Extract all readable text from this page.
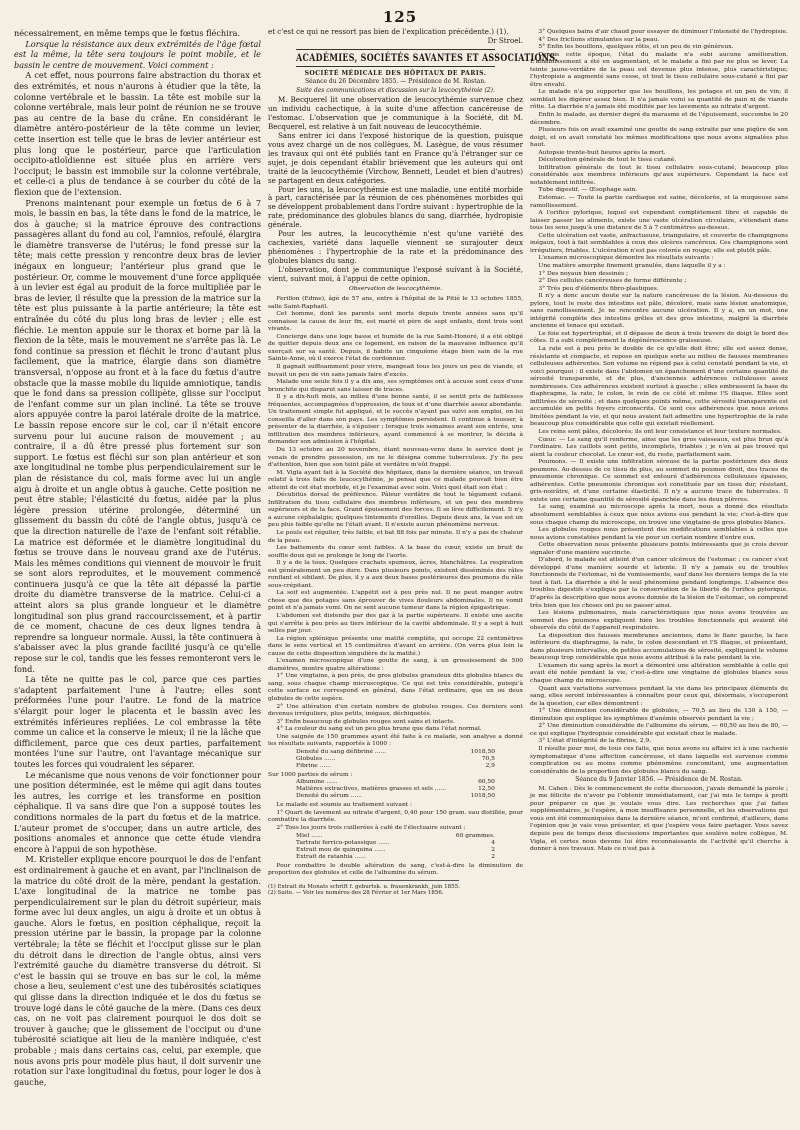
125

nécessairement, en même temps que le fœtus fléchira.

Lorsque la résistance aux deux extrémités de l'âge fœtal est la même, la tête sera toujours le point mobile, et le bassin le centre de mouvement. Voici comment :

A cet effet, nous pourrons faire abstraction du thorax et des extrémités, et nous n'aurons à étudier que la tête, la colonne vertébrale et le bassin. La tête est mobile sur la colonne vertébrale, mais leur point de réunion ne se trouve pas au centre de la base du crâne. En considérant le diamètre antéro-postérieur de la tête comme un levier, cette insertion est telle que le bras de levier antérieur est plus long que le postérieur, parce que l'articulation occipito-atloïdienne est située plus en arrière vers l'occiput; le bassin est immobile sur la colonne vertébrale, et celle-ci a plus de tendance à se courber du côté de la flexion que de l'extension.

Prenons maintenant pour exemple un fœtus de 6 à 7 mois, le bassin en bas, la tête dans le fond de la matrice, le dos à gauche; si la matrice éprouve des contractions passagères allant du fond au col, l'amnios, refoulé, élargira le diamètre transverse de l'utérus; le fond presse sur la tête; mais cette pression y rencontre deux bras de levier inégaux en longueur; l'antérieur plus grand que le postérieur. Or, comme le mouvement d'une force appliquée à un levier est égal au produit de la force multipliée par le bras de levier, il résulte que la pression de la matrice sur la tête est plus puissante à la partie antérieure; la tête est entraînée du côté du plus long bras de levier ; elle est fléchie. Le menton appuie sur le thorax et borne par là la flexion de la tête, mais le mouvement ne s'arrête pas là. Le fond continue sa pression et fléchit le tronc d'autant plus facilement, que la matrice, élargie dans son diamètre transversal, n'oppose au front et à la face du fœtus d'autre obstacle que la masse mobile du liquide amniotique, tandis que le fond dans sa pression collipète, glisse sur l'occiput de l'enfant comme sur un plan incliné. La tête se trouve alors appuyée contre la paroi latérale droite de la matrice. Le bassin repose encore sur le col, car il n'était encore survenu pour lui aucune raison de mouvement ; au contraire, il a dû être pressé plus fortement sur son support. Le fœtus est fléchi sur son plan antérieur et son axe longitudinal ne tombe plus perpendiculairement sur le plan de résistance du col, mais forme avec lui un angle aigu à droite et un angle obtus à gauche. Cette position ne peut être stable; l'élasticité du fœtus, aidée par la plus légère pression utérine prolongée, déterminé un glissement du bassin du côté de l'angle obtus, jusqu'à ce que la direction naturelle de l'axe de l'enfant soit rétablie. La matrice est déformée et le diamètre longitudinal du fœtus se trouve dans le nouveau grand axe de l'utérus. Mais les mêmes conditions qui viennent de mouvoir le fruit se sont alors reproduites, et le mouvement commencé continuera jusqu'à ce que la tête ait dépassé la partie droite du diamètre transverse de la matrice. Celui-ci a atteint alors sa plus grande longueur et le diamètre longitudinal son plus grand raccourcissement, et à partir de ce moment, chacune de ces deux lignes tendra à reprendre sa longueur normale. Aussi, la tête continuera à s'abaisser avec la plus grande facilité jusqu'à ce qu'elle repose sur le col, tandis que les fesses remonteront vers le fond.

La tête ne quitte pas le col, parce que ces parties s'adaptent parfaitement l'une à l'autre; elles sont préformées l'une pour l'autre. Le fond de la matrice s'élargit pour loger le placenta et le bassin avec les extrémités inférieures repliées. Le col embrasse la tête comme un calice et la conserve le mieux; il ne la lâche que difficilement, parce que ces deux parties, parfaitement montées l'une sur l'autre, ont l'avantage mécanique sur toutes les forces qui voudraient les séparer.

Le mécanisme que nous venons de voir fonctionner pour une position déterminée, est le même qui agit dans toutes les autres, les corrige et les transforme en position céphalique. Il va sans dire que l'on a supposé toutes les conditions normales de la part du fœtus et de la matrice. L'auteur promet de s'occuper, dans un autre article, des positions anomales et annonce que cette étude viendra encore à l'appui de son hypothèse.

M. Kristeller explique encore pourquoi le dos de l'enfant est ordinairement à gauche et en avant, par l'inclinaison de la matrice du côté droit de la mère, pendant la gestation. L'axe longitudinal de la matrice ne tombe pas perpendiculairement sur le plan du détroit supérieur, mais forme avec lui deux angles, un aigu à droite et un obtus à gauche. Alors le fœtus, en position céphalique, reçoit la pression utérine par le bassin, la propage par la colonne vertébrale; la tête se fléchit et l'occiput glisse sur le plan du détroit dans le direction de l'angle obtus, ainsi vers l'extrémité gauche du diamètre transverse du détroit. Si c'est le bassin qui se trouve en bas sur le col, la même chose a lieu, seulement c'est une des tubérosités sciatiques qui glisse dans la direction indiquée et le dos du fœtus se trouve logé dans le côté gauche de la mère. (Dans ces deux cas, on ne voit pas clairement pourquoi le dos doit se trouver à gauche; que le glissement de l'occiput ou d'une tubérosité sciatique ait lieu de la manière indiquée, c'est probable ; mais dans certains cas, celui, par exemple, que nous avons pris pour modèle plus haut, il doit survenir une rotation sur l'axe longitudinal du fœtus, pour loger le dos à gauche,

et c'est ce qui ne ressort pas bien de l'explication précédente.) (1).

Dr Stroel.

ACADÉMIES, SOCIÉTÉS SAVANTES ET ASSOCIATIONS.
SOCIÉTÉ MÉDICALE DES HÔPITAUX DE PARIS.
Séance du 26 Décembre 1855. — Présidence de M. Rostan.
Suite des communications et discussion sur la leucocythémie (2).

M. Becquerel lit une observation de leucocythémie survenue chez un individu cachectique, à la suite d'une affection cancéreuse de l'estomac. L'observation que je communique à la Société, dit M. Becquerel, est relative à un fait nouveau de leucocythémie.

Sans entrer ici dans l'exposé historique de la question, puisque vous avez chargé un de nos collègues, M. Lasègue, de vous résumer les travaux qui ont été publiés tant en France qu'à l'étranger sur ce sujet, je dois cependant établir brièvement que les auteurs qui ont traité de la leucocythémie (Virchow, Bennett, Leudet et bien d'autres) se partagent en deux catégories.

Pour les uns, la leucocythémie est une maladie, une entité morbide à part, caractérisée par la réunion de ces phénomènes morbides qui se développent probablement dans l'ordre suivant : hypertrophie de la rate, prédominance des globules blancs du sang, diarrhée, hydropisie générale.

Pour les autres, la leucocythémie n'est qu'une variété des cachexies, variété dans laquelle viennent se surajouter deux phénomènes : l'hypertrophie de la rate et la prédominance des globules blancs du sang.

L'observation, dont je communique l'exposé suivant à la Société, vient, suivant moi, à l'appui de cette opinion.

Observation de leucocythémie.

Ferillon (Edme), âgé de 57 ans, entre à l'hôpital de la Pitié le 13 octobre 1855, salle Saint-Raphaël.

Cet homme, dont les parents sont morts depuis trente années sans qu'il connaisse la cause de leur fin, est marié et père de sept enfants, dont trois sont vivants.

Concierge dans une loge basse et humide de la rue Saint-Honoré, il a été obligé de quitter depuis deux ans ce logement, en raison de la mauvaise influence qu'il exerçait sur sa santé. Depuis, il habite un cinquième étage bien sain de la rue Sainte-Anne, où il exerce l'état de cordonnier.

Il gagnait suffisamment pour vivre, mangeait tous les jours un peu de viande, et buvait un peu de vin sans jamais faire d'excès.

Malade une seule fois il y a dix ans, ses symptômes ont à accuse sont ceux d'une bronchite qui disparut sans laisser de traces.

Il y a dix-huit mois, au milieu d'une bonne santé, il se sentit pris de faiblesses fréquentes, accompagnées d'oppression, de toux et d'une diarrhée assez abondante. Un traitement simple fut appliqué, et le succès n'ayant pas suivi son emploi, on lui conseilla d'aller dans son pays. Les symptômes persistent. Il continue à tousser, à présenter de la diarrhée, à s'épuiser ; lorsque trois semaines avant son entrée, une infiltration des membres inférieurs, ayant commencé à se montrer, le décida à demander son admission à l'hôpital.

Du 13 octobre au 20 novembre, étant nouveau-venu dans le service dont je venais de prendre possession, on ne le désigna comme tuberculeux. J'y fis peu d'attention, bien que son teint pâle et verdâtre m'eût frappé.

M. Vigla ayant fait à la Société des hôpitaux, dans la dernière séance, un travail relatif à trois faits de leucocythémie, je pensai que ce malade pouvait bien être atteint de cet état morbide, et je l'examinai avec soin. Voici quel était son état :

Décubitus dorsal de préférence. Pâleur verdâtre de tout le tégument cutané. Infiltration du tissu cellulaire des membres inférieurs, et un peu des membres supérieurs et de la face. Grand épuisement des forces. Il se lève difficilement. Il n'y a aucune céphalalgie; quelques tintements d'oreilles. Depuis deux ans, la vue est un peu plus faible qu'elle ne l'était avant. Il n'existe aucun phénomène nerveux.

Le pouls est régulier, très faible, et bat 88 fois par minute. Il n'y a pas de chaleur de la peau.

Les battements du cœur sont faibles. A la base du cœur, existe un bruit de souffle doux qui se prolonge le long de l'aorte.

Il y a de la toux. Quelques crachats spumeux, âcres, blanchâtres. La respiration est généralement un peu dure. Dans plusieurs points, existent disséminés des râles ronflant et sibilant. De plus, il y a aux deux bases postérieures des poumons du râle sous-crépitant.

La soif est augmentée. L'appétit est à peu près nul. Il ne peut manger autre chose que des potages sans éprouver de vives douleurs abdominales. Il ne vomit point et n'a jamais vomi. On ne sent aucune tumeur dans la région épigastrique.

L'abdomen est distendu par des gaz à la partie supérieure. Il existe une ascite qui s'arrête à peu près au tiers inférieur de la cavité abdominale. Il y a sept à huit selles par jour.

La région splénique présente une matité complète, qui occupe 22 centimètres dans le sens vertical et 15 centimètres d'avant en arrière. (On verra plus loin la cause de cette disposition singulière de la matité.)

L'examen microscopique d'une goutte de sang, à un grossissement de 500 diamètres, montre quatre altérations :

1° Une vingtaine, à peu près, de gros globules granuleux dits globules blancs du sang, sous chaque champ microscopique. Ce qui est très considérable, puisqu'à cette surface ne correspond en général, dans l'état ordinaire, que un ou deux globules de cette espèce.

2° Une altération d'un certain nombre de globules rouges. Ces derniers sont devenus irréguliers, plus petits, inégaux, déchiquetés.

3° Enfin beaucoup de globules rouges sont sains et intacts.

4° La couleur du sang est un peu plus brune que dans l'état normal.

Une saignée de 150 grammes ayant été faite à ce malade, son analyse a donné les résultats suivants, rapportés à 1000 :

Densité du sang défibriné ......	1018,50
Globules ......	70,5
Fibrine ......	2,9

Sur 1000 parties de sérum :

Albumine ......	60,50
Matières extractives, matières grasses et sels ......	12,50
Densité du sérum ......	1018,50

Le malade est soumis au traitement suivant :

1° Quart de lavement au nitrate d'argent, 0,40 pour 150 gram. eau distillée, pour combattre la diarrhée.

2° Tous les jours trois cuillerées à café de l'électuaire suivant :

Miel ......	60 grammes.
Tartrate ferrico-potassique ......	4
Extrait mou de quinquina ......	2
Extrait de ratanhia ......	2

Pour combattre le double altération du sang, c'est-à-dire la diminution de proportion des globules et celle de l'albumine du sérum.

(1) Extrait du Monats schrift f. geburtsk. u. frauenkrankh, juin 1855.

(2) Suite. — Voir les numéros des 28 Février et 1er Mars 1856.

3° Quelques bains d'air chaud pour essayer de diminuer l'intensité de l'hydropisie.

4° Des frictions stimulantes sur la peau.

5° Enfin les bouillons, quelques rôtis, et un peu de vin généreux.

Depuis cette époque, l'état du malade n'a subi aucune amélioration. L'affaiblissement a été en augmentant, et le malade a fini par ne plus se lever. La teinte jaune-verdâtre de la peau est devenue plus intense, plus caractéristique; l'hydropisie a augmenté sans cesse, et tout le tissu cellulaire sous-cutané a fini par être envahi.

Le malade n'a pu supporter que les bouillons, les potages et un peu de vin; il semblait les digérer assez bien. Il n'a jamais vomi sa quantité de pain ni de viande rôtie. La diarrhée n'a jamais été modifiée par les lavements au nitrate d'argent.

Enfin le malade, au dernier degré du marasme et de l'épuisement, succombe le 20 décembre.

Plusieurs fois on avait examiné une goutte de sang extraite par une piqûre de son doigt, et on avait constaté les mêmes modifications que nous avons signalées plus haut.

Autopsie trente-huit heures après la mort.

Décoloration générale de tout le tissu cutané.

Infiltration générale de tout le tissu cellulaire sous-cutané, beaucoup plus considérable aux membres inférieurs qu'aux supérieurs. Cependant la face est notablement infiltrée.

Tube digestif. — Œsophage sain.

Estomac. — Toute la partie cardiaque est saine, décolorée, et la muqueuse sans ramollissement.

A l'orifice pylorique, lequel est cependant complètement libre et capable de laisser passer les aliments, existe une vaste ulcération circulaire, s'étendant dans tous les sens jusqu'à une distance de 5 à 7 centimètres au-dessus.

Cette ulcération est vaste, anfractueuse, triangulaire, et couverte de champignons inégaux, tout à fait semblables à ceux des ulcères cancéreux. Ces champignons sont irréguliers, friables. L'ulcération n'est pas colorée en rouge; elle est plutôt pâle.

L'examen microscopique démontre les résultats suivants :

Une matière amorphe finement granulée, dans laquelle il y a :

1° Des noyaux bien dessinés ;

2° Des cellules cancéreuses de forme différente ;

3° Très peu d'éléments fibro-plastiques.

Il n'y a donc aucun doute sur la nature cancéreuse de la lésion. Au-dessous du pylore, tout le reste des intestins est pâle, décoloré, mais sans lésion anatomique, sans ramollissement. Je ne rencontre aucune ulcération. Il y a, en un mot, une intégrité complète des intestins grêles et des gros intestins, malgré la diarrhée ancienne et tenace qui existait.

Le foie est hypertrophié, et il dépasse de deux à trois travers de doigt le bord des côtes. Il a subi complètement la dégénérescence graisseuse.

La rate est à peu près le double de ce qu'elle doit être; elle est assez dense, résistante et compacte, et repose en quelque sorte au milieu de fausses membranes celluleuses adhérentes. Son volume ne répond pas à celui constaté pendant la vie, et voici pourquoi : il existe dans l'abdomen un épanchement d'une certaine quantité de sérosité transparente, et de plus, d'anciennes adhérences celluleuses assez nombreuses. Ces adhérences existent surtout à gauche ; elles embrassent la base du diaphragme, la rate, le colon, le rein de ce côté et même l'S iliaque. Elles sont infiltrées de sérosité ; et dans quelques points même, cette sérosité transparente est accumulée en petits foyers circonscrits. Ce sont ces adhérences que nous avions limitées pendant la vie, et qui nous avaient fait admettre une hypertrophie de la rate beaucoup plus considérable que celle qui existait réellement.

Les reins sont pâles, décolorés; ils ont leur consistance et leur texture normales.

Cœur. — Le sang qu'il renferme, ainsi que les gros vaisseaux, est plus brun qu'à l'ordinaire. Les caillots sont petits, incomplets, friables ; je n'en ai pas trouvé qui aient la couleur chocolat. Le cœur est, du reste, parfaitement sain.

Poumons. — Il existe une infiltration séreuse de la partie postérieure des deux poumons. Au-dessus de ce tissu de plus, au sommet du poumon droit, des traces de pneumonie chronique. Ce sommet est entouré d'adhérences celluleuses épaisses, adhérentes. Cette pneumonie chronique est constituée par un tissu dur, résistant, gris-noirâtre, et d'une certaine élasticité. Il n'y a aucune trace de tubercules. Il existe une certaine quantité de sérosité épanchée dans les deux plèvres.

Le sang, examiné au microscope après la mort, nous a donné des résultats absolument semblables à ceux que nous avions eus pendant la vie; c'est-à-dire que sous chaque champ du microscope, on trouve une vingtaine de gros globules blancs.

Les globules rouges nous présentent des modifications semblables à celles que nous avions constatées pendant la vie pour un certain nombre d'entre eux.

Cette observation nous présente plusieurs points intéressants que je crois devoir signaler d'une manière succincte.

D'abord, le malade est atteint d'un cancer ulcéreux de l'estomac ; ce cancer s'est développé d'une manière sourde et latente. Il n'y a jamais eu de troubles fonctionnels de l'estomac, ni de vomissements, sauf dans les derniers temps de la vie tout à fait. La diarrhée a été le seul phénomène pendant longtemps. L'absence des troubles digestifs s'explique par la conservation de la liberté de l'orifice pylorique. D'après la description que nous avons donnée de la lésion de l'estomac, on comprend très bien que les choses ont pu se passer ainsi.

Les lésions pulmonaires, mais caractéristiques que nous avons trouvées au sommet des poumons expliquent bien les troubles fonctionnels qui avaient été observés du côté de l'appareil respiratoire.

La disposition des fausses membranes anciennes, dans le flanc gauche, la face inférieure du diaphragme, la rate, le colon descendant et l'S iliaque, et présentant, dans plusieurs intervalles, de petites accumulations de sérosité, expliquent le volume beaucoup trop considérable que nous avons attribué à la rate pendant la vie.

L'examen du sang après la mort a démontré une altération semblable à celle qui avait été notée pendant la vie, c'est-à-dire une vingtaine de globules blancs sous chaque champ du microscope.

Quant aux variations survenues pendant la vie dans les principaux éléments du sang, elles seront intéressantes à connaître pour ceux qui, désormais, s'occuperont de la question, car elles démontrent :

1° Une diminution considérable de globules, — 70,5 au lieu de 130 à 150, — diminution qui explique les symptômes d'anémie observés pendant la vie ;

2° Une diminution considérable de l'albumine du sérum, — 60,50 au lieu de 80, — ce qui explique l'hydropisie considérable qui existait chez le malade.

3° L'état d'intégrité de la fibrine, 2,9.

Il résulte pour moi, de tous ces faits, que nous avons eu affaire ici à une cachexie symptomatique d'une affection cancéreuse, et dans laquelle est survenue comme complication ou au moins comme phénomène concomitant, une augmentation considérable de la proportion des globules blancs du sang.

Séance du 9 Janvier 1856. — Présidence de M. Rostan.

M. Cahen : Dès le commencement de cette discussion, j'avais demandé la parole ; je me félicite de n'avoir pu l'obtenir immédiatement, car j'ai mis le temps à profit pour préparer ce que je voulais vous dire. Les recherches que j'ai faites supplémentaires, je l'espère, à mon insuffisance personnelle, et les observations qui vous ont été communiquées dans la dernière séance, m'ont confirmé, d'ailleurs, dans l'opinion que je vais vous présenter, et que j'espère vous faire partager. Vous savez depuis peu de temps deux discussions importantes que soulève notre collègue, M. Vigla, et certes nous devons lui être reconnaissants de l'activité qu'il cherche à donner à nos travaux. Mais ce n'est pas à
